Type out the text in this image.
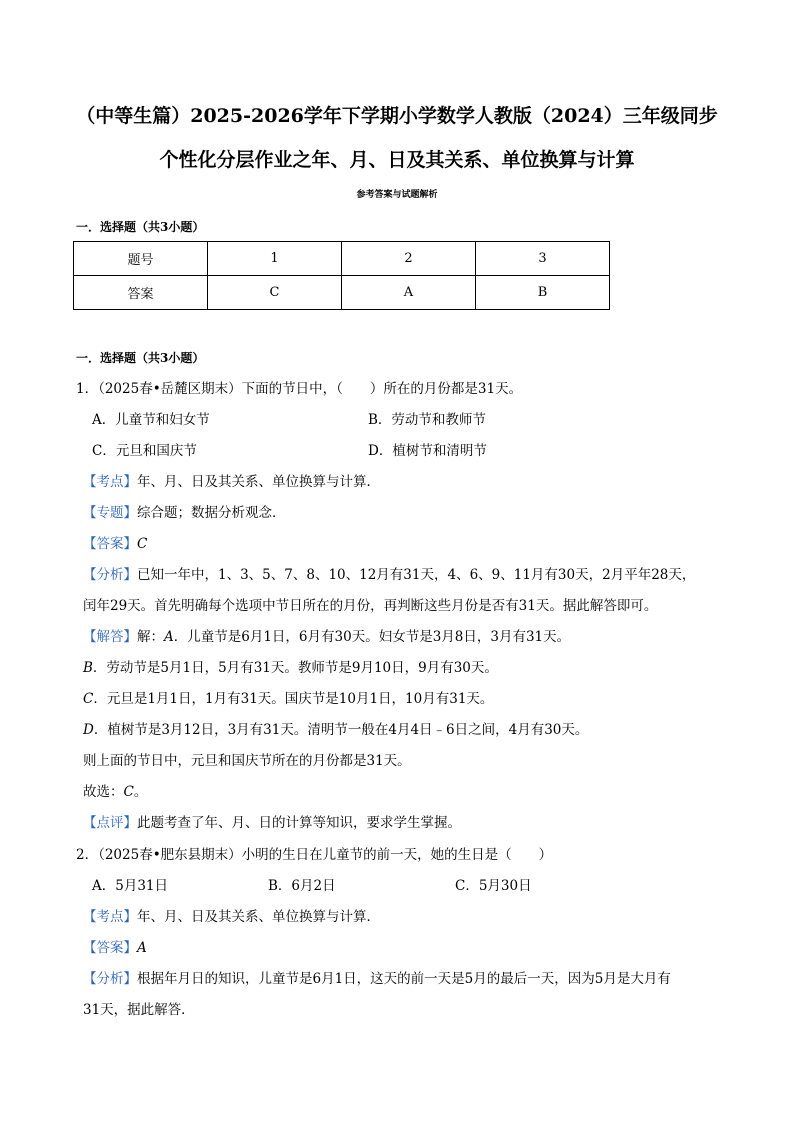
（中等生篇）2025-2026学年下学期小学数学人教版（2024）三年级同步
个性化分层作业之年、月、日及其关系、单位换算与计算
参考答案与试题解析
一．选择题（共3小题）
题号	1	2	3
答案	C	A	B
一．选择题（共3小题）
1．（2025春•岳麓区期末）下面的节日中，（　　）所在的月份都是31天。
A．儿童节和妇女节	B．劳动节和教师节
C．元旦和国庆节	D．植树节和清明节
【考点】年、月、日及其关系、单位换算与计算．
【专题】综合题；数据分析观念．
【答案】C
【分析】已知一年中，1、3、5、7、8、10、12月有31天，4、6、9、11月有30天，2月平年28天，
闰年29天。首先明确每个选项中节日所在的月份，再判断这些月份是否有31天。据此解答即可。
【解答】解：A．儿童节是6月1日，6月有30天。妇女节是3月8日，3月有31天。
B．劳动节是5月1日，5月有31天。教师节是9月10日，9月有30天。
C．元旦是1月1日，1月有31天。国庆节是10月1日，10月有31天。
D．植树节是3月12日，3月有31天。清明节一般在4月4日﹣6日之间，4月有30天。
则上面的节日中，元旦和国庆节所在的月份都是31天。
故选：C。
【点评】此题考查了年、月、日的计算等知识，要求学生掌握。
2．（2025春•肥东县期末）小明的生日在儿童节的前一天，她的生日是（　　）
A．5月31日	B．6月2日	C．5月30日
【考点】年、月、日及其关系、单位换算与计算．
【答案】A
【分析】根据年月日的知识，儿童节是6月1日，这天的前一天是5月的最后一天，因为5月是大月有
31天，据此解答．
